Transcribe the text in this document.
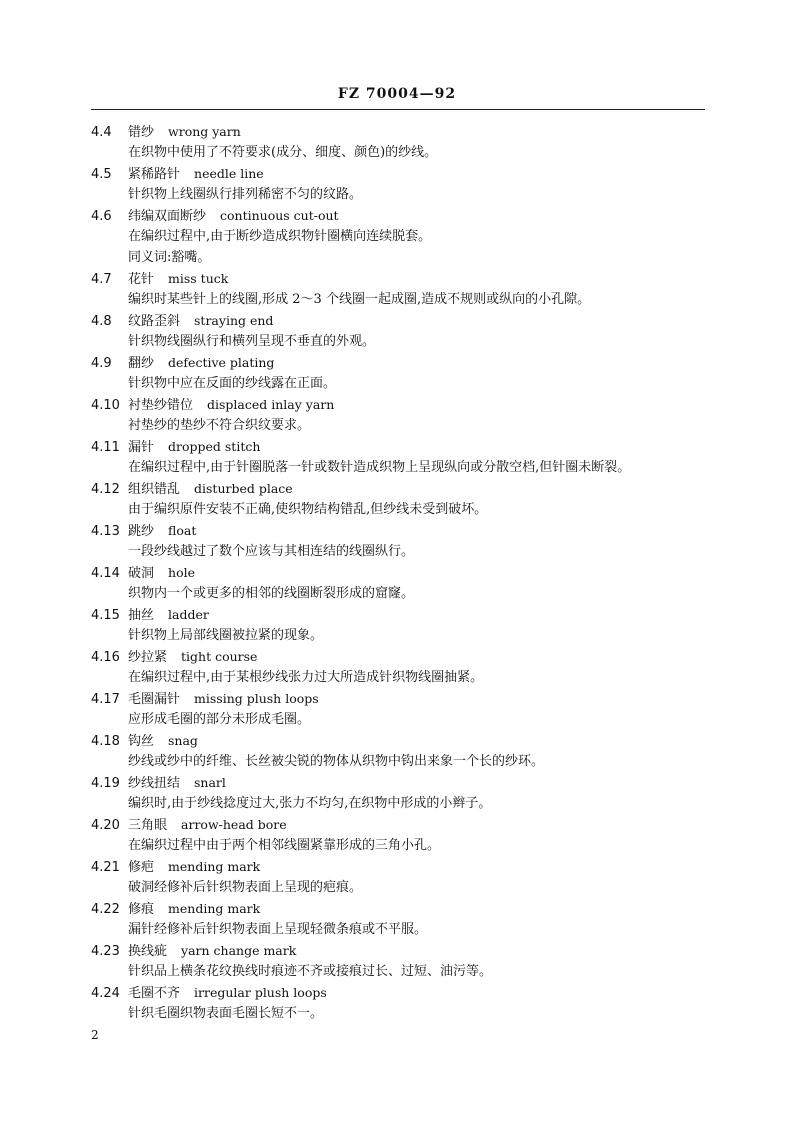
FZ 70004—92
4.4 错纱 wrong yarn
在织物中使用了不符要求(成分、细度、颜色)的纱线。
4.5 紧稀路针 needle line
针织物上线圈纵行排列稀密不匀的纹路。
4.6 纬编双面断纱 continuous cut-out
在编织过程中,由于断纱造成织物针圈横向连续脱套。
同义词:豁嘴。
4.7 花针 miss tuck
编织时某些针上的线圈,形成 2～3 个线圈一起成圈,造成不规则或纵向的小孔隙。
4.8 纹路歪斜 straying end
针织物线圈纵行和横列呈现不垂直的外观。
4.9 翻纱 defective plating
针织物中应在反面的纱线露在正面。
4.10 衬垫纱错位 displaced inlay yarn
衬垫纱的垫纱不符合织纹要求。
4.11 漏针 dropped stitch
在编织过程中,由于针圈脱落一针或数针造成织物上呈现纵向或分散空档,但针圈未断裂。
4.12 组织错乱 disturbed place
由于编织原件安装不正确,使织物结构错乱,但纱线未受到破坏。
4.13 跳纱 float
一段纱线越过了数个应该与其相连结的线圈纵行。
4.14 破洞 hole
织物内一个或更多的相邻的线圈断裂形成的窟窿。
4.15 抽丝 ladder
针织物上局部线圈被拉紧的现象。
4.16 纱拉紧 tight course
在编织过程中,由于某根纱线张力过大所造成针织物线圈抽紧。
4.17 毛圈漏针 missing plush loops
应形成毛圈的部分未形成毛圈。
4.18 钩丝 snag
纱线或纱中的纤维、长丝被尖锐的物体从织物中钩出来象一个长的纱环。
4.19 纱线扭结 snarl
编织时,由于纱线捻度过大,张力不均匀,在织物中形成的小辫子。
4.20 三角眼 arrow-head bore
在编织过程中由于两个相邻线圈紧靠形成的三角小孔。
4.21 修疤 mending mark
破洞经修补后针织物表面上呈现的疤痕。
4.22 修痕 mending mark
漏针经修补后针织物表面上呈现轻微条痕或不平服。
4.23 换线疵 yarn change mark
针织品上横条花纹换线时痕迹不齐或接痕过长、过短、油污等。
4.24 毛圈不齐 irregular plush loops
针织毛圈织物表面毛圈长短不一。
2
